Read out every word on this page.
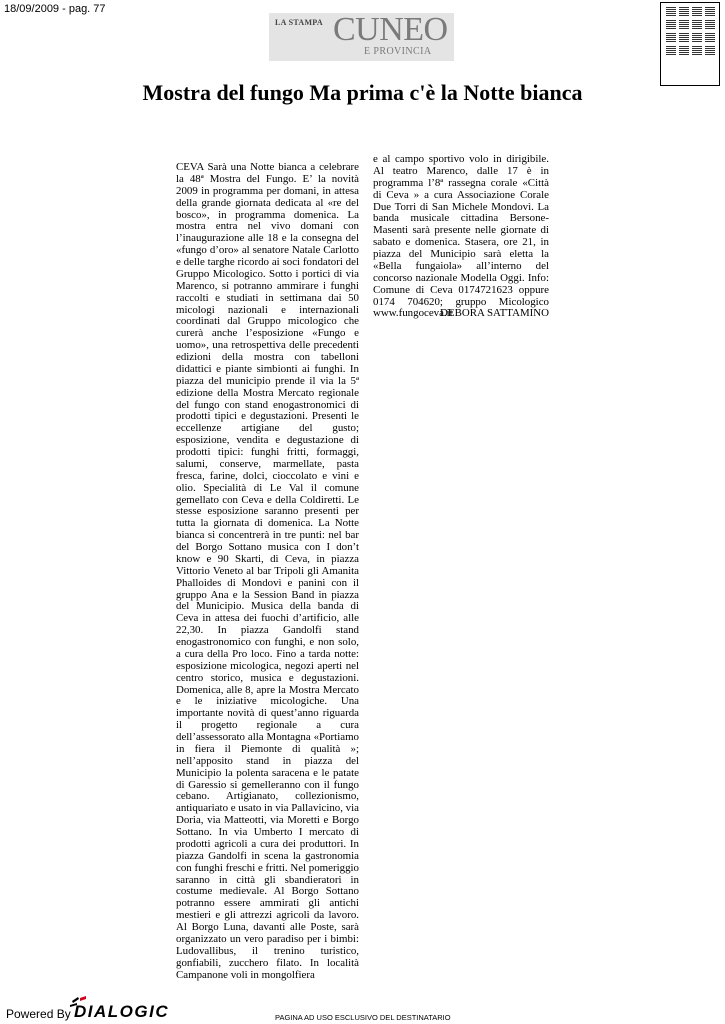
18/09/2009 - pag. 77
LA STAMPA CUNEO
E PROVINCIA
Mostra del fungo Ma prima c'è la Notte bianca
CEVA Sarà una Notte bianca a celebrare la 48ª Mostra del Fungo. E’ la novità 2009 in programma per domani, in attesa della grande giornata dedicata al «re del bosco», in programma domenica. La mostra entra nel vivo domani con l’inaugurazione alle 18 e la consegna del «fungo d’oro» al senatore Natale Carlotto e delle targhe ricordo ai soci fondatori del Gruppo Micologico. Sotto i portici di via Marenco, si potranno ammirare i funghi raccolti e studiati in settimana dai 50 micologi nazionali e internazionali coordinati dal Gruppo micologico che curerà anche l’esposizione «Fungo e uomo», una retrospettiva delle precedenti edizioni della mostra con tabelloni didattici e piante simbionti ai funghi. In piazza del municipio prende il via la 5ª edizione della Mostra Mercato regionale del fungo con stand enogastronomici di prodotti tipici e degustazioni. Presenti le eccellenze artigiane del gusto; esposizione, vendita e degustazione di prodotti tipici: funghi fritti, formaggi, salumi, conserve, marmellate, pasta fresca, farine, dolci, cioccolato e vini e olio. Specialità di Le Val il comune gemellato con Ceva e della Coldiretti. Le stesse esposizione saranno presenti per tutta la giornata di domenica. La Notte bianca si concentrerà in tre punti: nel bar del Borgo Sottano musica con I don’t know e 90 Skarti, di Ceva, in piazza Vittorio Veneto al bar Tripoli gli Amanita Phalloides di Mondovì e panini con il gruppo Ana e la Session Band in piazza del Municipio. Musica della banda di Ceva in attesa dei fuochi d’artificio, alle 22,30. In piazza Gandolfi stand enogastronomico con funghi, e non solo, a cura della Pro loco. Fino a tarda notte: esposizione micologica, negozi aperti nel centro storico, musica e degustazioni. Domenica, alle 8, apre la Mostra Mercato e le iniziative micologiche. Una importante novità di quest’anno riguarda il progetto regionale a cura dell’assessorato alla Montagna «Portiamo in fiera il Piemonte di qualità »; nell’apposito stand in piazza del Municipio la polenta saracena e le patate di Garessio si gemelleranno con il fungo cebano. Artigianato, collezionismo, antiquariato e usato in via Pallavicino, via Doria, via Matteotti, via Moretti e Borgo Sottano. In via Umberto I mercato di prodotti agricoli a cura dei produttori. In piazza Gandolfi in scena la gastronomia con funghi freschi e fritti. Nel pomeriggio saranno in città gli sbandieratori in costume medievale. Al Borgo Sottano potranno essere ammirati gli antichi mestieri e gli attrezzi agricoli da lavoro. Al Borgo Luna, davanti alle Poste, sarà organizzato un vero paradiso per i bimbi: Ludovallibus, il trenino turistico, gonfiabili, zucchero filato. In località Campanone voli in mongolfiera
e al campo sportivo volo in dirigibile. Al teatro Marenco, dalle 17 è in programma l’8ª rassegna corale «Città di Ceva » a cura Associazione Corale Due Torri di San Michele Mondovì. La banda musicale cittadina Bersone-Masenti sarà presente nelle giornate di sabato e domenica. Stasera, ore 21, in piazza del Municipio sarà eletta la «Bella fungaiola» all’interno del concorso nazionale Modella Oggi. Info: Comune di Ceva 0174721623 oppure 0174 704620; gruppo Micologico www.fungoceva.it
DEBORA SATTAMINO
Powered By DIALOGIC	PAGINA AD USO ESCLUSIVO DEL DESTINATARIO
